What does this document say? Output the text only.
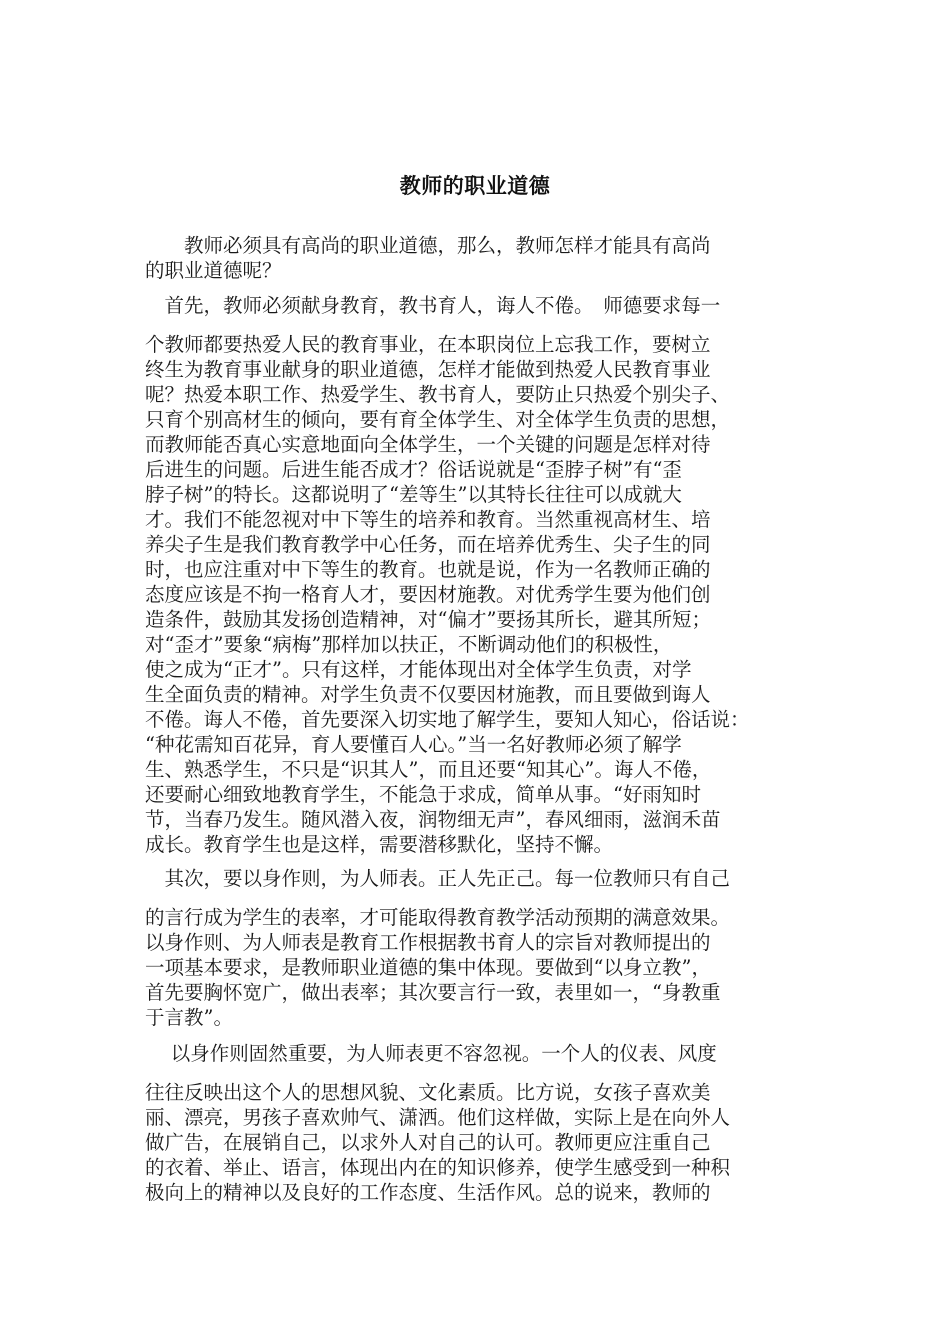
教师的职业道德
　　教师必须具有高尚的职业道德，那么，教师怎样才能具有高尚
的职业道德呢？
　首先，教师必须献身教育，教书育人，诲人不倦。　师德要求每一
个教师都要热爱人民的教育事业，在本职岗位上忘我工作，要树立
终生为教育事业献身的职业道德，怎样才能做到热爱人民教育事业
呢？热爱本职工作、热爱学生、教书育人，要防止只热爱个别尖子、
只育个别高材生的倾向，要有育全体学生、对全体学生负责的思想，
而教师能否真心实意地面向全体学生，一个关键的问题是怎样对待
后进生的问题。后进生能否成才？俗话说就是“歪脖子树”有“歪
脖子树”的特长。这都说明了“差等生”以其特长往往可以成就大
才。我们不能忽视对中下等生的培养和教育。当然重视高材生、培
养尖子生是我们教育教学中心任务，而在培养优秀生、尖子生的同
时，也应注重对中下等生的教育。也就是说，作为一名教师正确的
态度应该是不拘一格育人才，要因材施教。对优秀学生要为他们创
造条件，鼓励其发扬创造精神，对“偏才”要扬其所长，避其所短；
对“歪才”要象“病梅”那样加以扶正，不断调动他们的积极性，
使之成为“正才”。只有这样，才能体现出对全体学生负责，对学
生全面负责的精神。对学生负责不仅要因材施教，而且要做到诲人
不倦。诲人不倦，首先要深入切实地了解学生，要知人知心，俗话说：
“种花需知百花异，育人要懂百人心。”当一名好教师必须了解学
生、熟悉学生，不只是“识其人”，而且还要“知其心”。诲人不倦，
还要耐心细致地教育学生，不能急于求成，简单从事。“好雨知时
节，当春乃发生。随风潜入夜，润物细无声”，春风细雨，滋润禾苗
成长。教育学生也是这样，需要潜移默化，坚持不懈。
　其次，要以身作则，为人师表。正人先正己。每一位教师只有自己
的言行成为学生的表率，才可能取得教育教学活动预期的满意效果。
以身作则、为人师表是教育工作根据教书育人的宗旨对教师提出的
一项基本要求，是教师职业道德的集中体现。要做到“以身立教”，
首先要胸怀宽广，做出表率；其次要言行一致，表里如一，“身教重
于言教”。
　 以身作则固然重要，为人师表更不容忽视。一个人的仪表、风度
往往反映出这个人的思想风貌、文化素质。比方说，女孩子喜欢美
丽、漂亮，男孩子喜欢帅气、潇洒。他们这样做，实际上是在向外人
做广告，在展销自己，以求外人对自己的认可。教师更应注重自己
的衣着、举止、语言，体现出内在的知识修养，使学生感受到一种积
极向上的精神以及良好的工作态度、生活作风。总的说来，教师的
